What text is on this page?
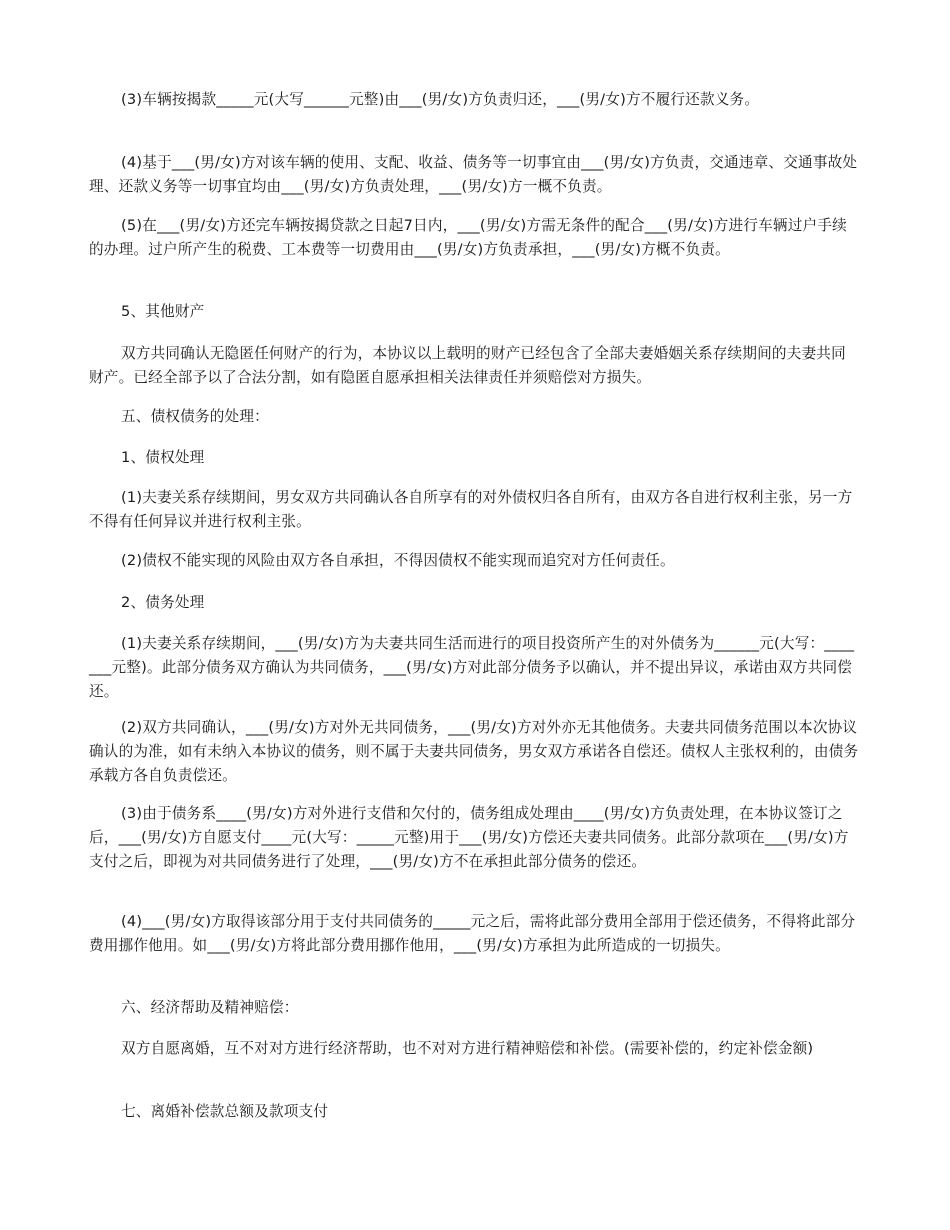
(3)车辆按揭款_____元(大写______元整)由___(男/女)方负责归还，___(男/女)方不履行还款义务。

(4)基于___(男/女)方对该车辆的使用、支配、收益、债务等一切事宜由___(男/女)方负责，交通违章、交通事故处理、还款义务等一切事宜均由___(男/女)方负责处理，___(男/女)方一概不负责。

(5)在___(男/女)方还完车辆按揭贷款之日起7日内，___(男/女)方需无条件的配合___(男/女)方进行车辆过户手续的办理。过户所产生的税费、工本费等一切费用由___(男/女)方负责承担，___(男/女)方概不负责。

5、其他财产

双方共同确认无隐匿任何财产的行为，本协议以上载明的财产已经包含了全部夫妻婚姻关系存续期间的夫妻共同财产。已经全部予以了合法分割，如有隐匿自愿承担相关法律责任并须赔偿对方损失。

五、债权债务的处理：

1、债权处理

(1)夫妻关系存续期间，男女双方共同确认各自所享有的对外债权归各自所有，由双方各自进行权利主张，另一方不得有任何异议并进行权利主张。

(2)债权不能实现的风险由双方各自承担，不得因债权不能实现而追究对方任何责任。

2、债务处理

(1)夫妻关系存续期间，___(男/女)方为夫妻共同生活而进行的项目投资所产生的对外债务为______元(大写：_______元整)。此部分债务双方确认为共同债务，___(男/女)方对此部分债务予以确认，并不提出异议，承诺由双方共同偿还。

(2)双方共同确认，___(男/女)方对外无共同债务，___(男/女)方对外亦无其他债务。夫妻共同债务范围以本次协议确认的为准，如有未纳入本协议的债务，则不属于夫妻共同债务，男女双方承诺各自偿还。债权人主张权利的，由债务承载方各自负责偿还。

(3)由于债务系____(男/女)方对外进行支借和欠付的，债务组成处理由____(男/女)方负责处理，在本协议签订之后，___(男/女)方自愿支付____元(大写：_____元整)用于___(男/女)方偿还夫妻共同债务。此部分款项在___(男/女)方支付之后，即视为对共同债务进行了处理，___(男/女)方不在承担此部分债务的偿还。

(4)___(男/女)方取得该部分用于支付共同债务的_____元之后，需将此部分费用全部用于偿还债务，不得将此部分费用挪作他用。如___(男/女)方将此部分费用挪作他用，___(男/女)方承担为此所造成的一切损失。

六、经济帮助及精神赔偿：

双方自愿离婚，互不对对方进行经济帮助，也不对对方进行精神赔偿和补偿。(需要补偿的，约定补偿金额)

七、离婚补偿款总额及款项支付
